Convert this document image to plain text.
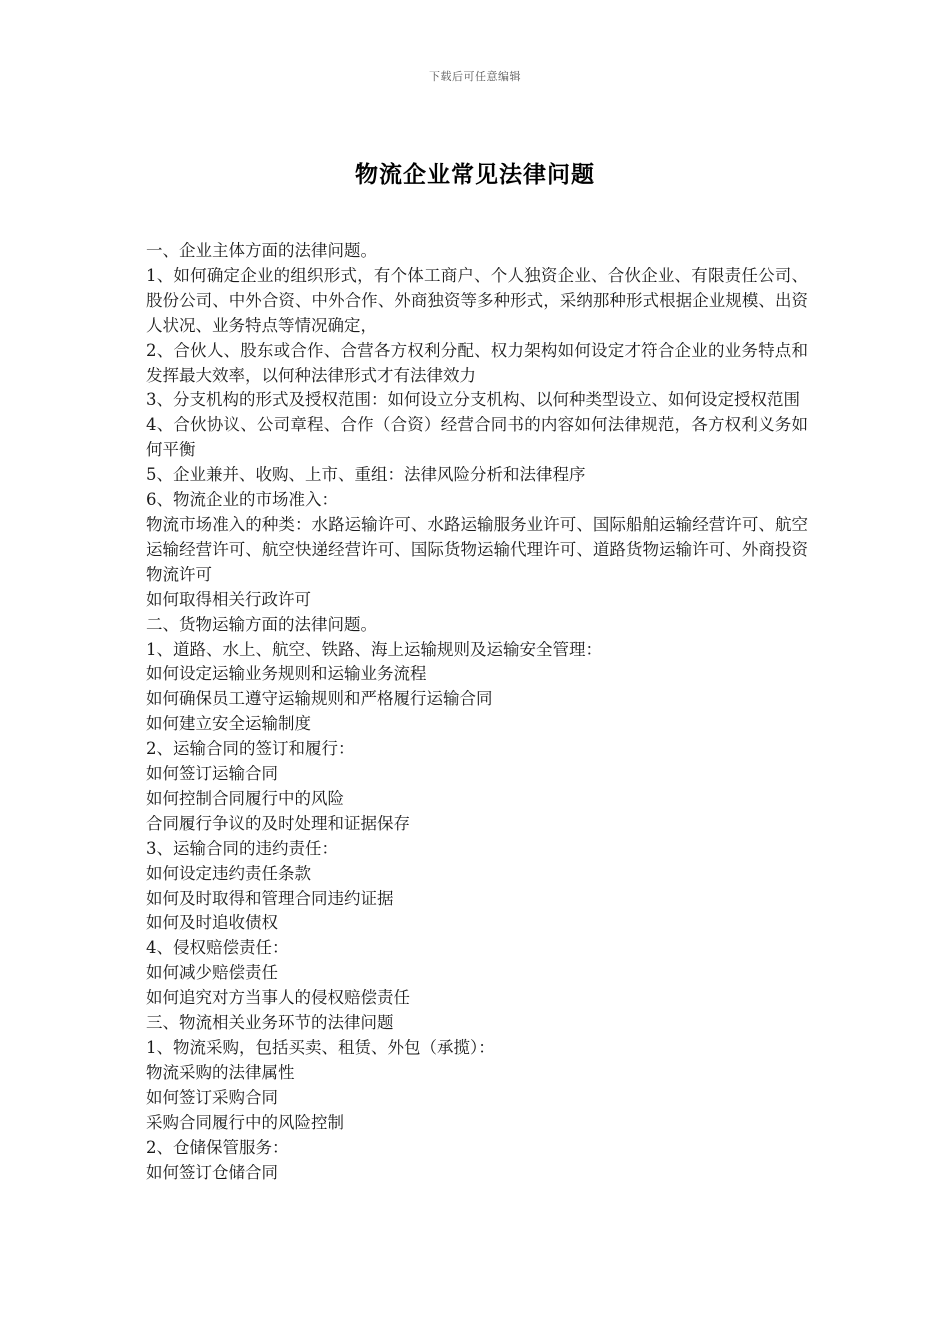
下载后可任意编辑
物流企业常见法律问题

一、企业主体方面的法律问题。

1、如何确定企业的组织形式，有个体工商户、个人独资企业、合伙企业、有限责任公司、股份公司、中外合资、中外合作、外商独资等多种形式，采纳那种形式根据企业规模、出资人状况、业务特点等情况确定，

2、合伙人、股东或合作、合营各方权利分配、权力架构如何设定才符合企业的业务特点和发挥最大效率，以何种法律形式才有法律效力

3、分支机构的形式及授权范围：如何设立分支机构、以何种类型设立、如何设定授权范围

4、合伙协议、公司章程、合作（合资）经营合同书的内容如何法律规范，各方权利义务如何平衡

5、企业兼并、收购、上市、重组：法律风险分析和法律程序

6、物流企业的市场准入：

物流市场准入的种类：水路运输许可、水路运输服务业许可、国际船舶运输经营许可、航空运输经营许可、航空快递经营许可、国际货物运输代理许可、道路货物运输许可、外商投资物流许可

如何取得相关行政许可

二、货物运输方面的法律问题。

1、道路、水上、航空、铁路、海上运输规则及运输安全管理：

如何设定运输业务规则和运输业务流程

如何确保员工遵守运输规则和严格履行运输合同

如何建立安全运输制度

2、运输合同的签订和履行：

如何签订运输合同

如何控制合同履行中的风险

合同履行争议的及时处理和证据保存

3、运输合同的违约责任：

如何设定违约责任条款

如何及时取得和管理合同违约证据

如何及时追收债权

4、侵权赔偿责任：

如何减少赔偿责任

如何追究对方当事人的侵权赔偿责任

三、物流相关业务环节的法律问题

1、物流采购，包括买卖、租赁、外包（承揽）：

物流采购的法律属性

如何签订采购合同

采购合同履行中的风险控制

2、仓储保管服务：

如何签订仓储合同
